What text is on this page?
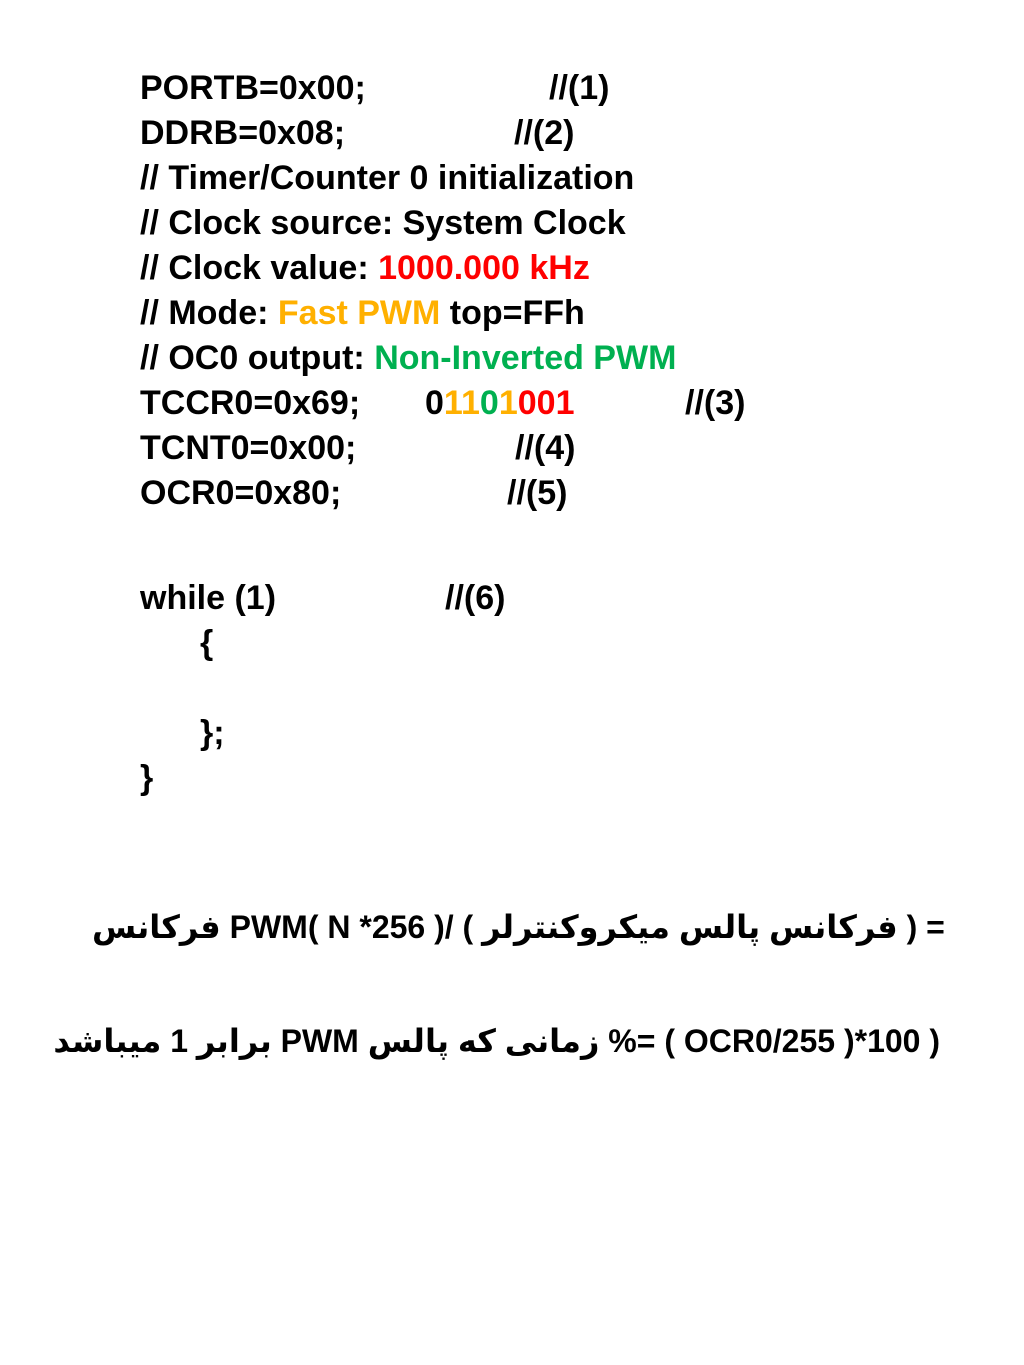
PORTB=0x00;

	//(1)

DDRB=0x08;

	//(2)

// Timer/Counter 0 initialization

// Clock source: System Clock

// Clock value: 1000.000 kHz

// Mode: Fast PWM top=FFh

// OC0 output: Non-Inverted PWM

TCCR0=0x69;

01101001

	//(3)

TCNT0=0x00;

	//(4)

OCR0=0x80;

	//(5)

while (1)

	//(6)

{

};

}

PWM فرکانس = ( فرکانس پالس میکروکنترلر ) /( N *256 )
( 100*( OCR0/255 ) =% زمانی که پالس PWM برابر 1 میباشد
